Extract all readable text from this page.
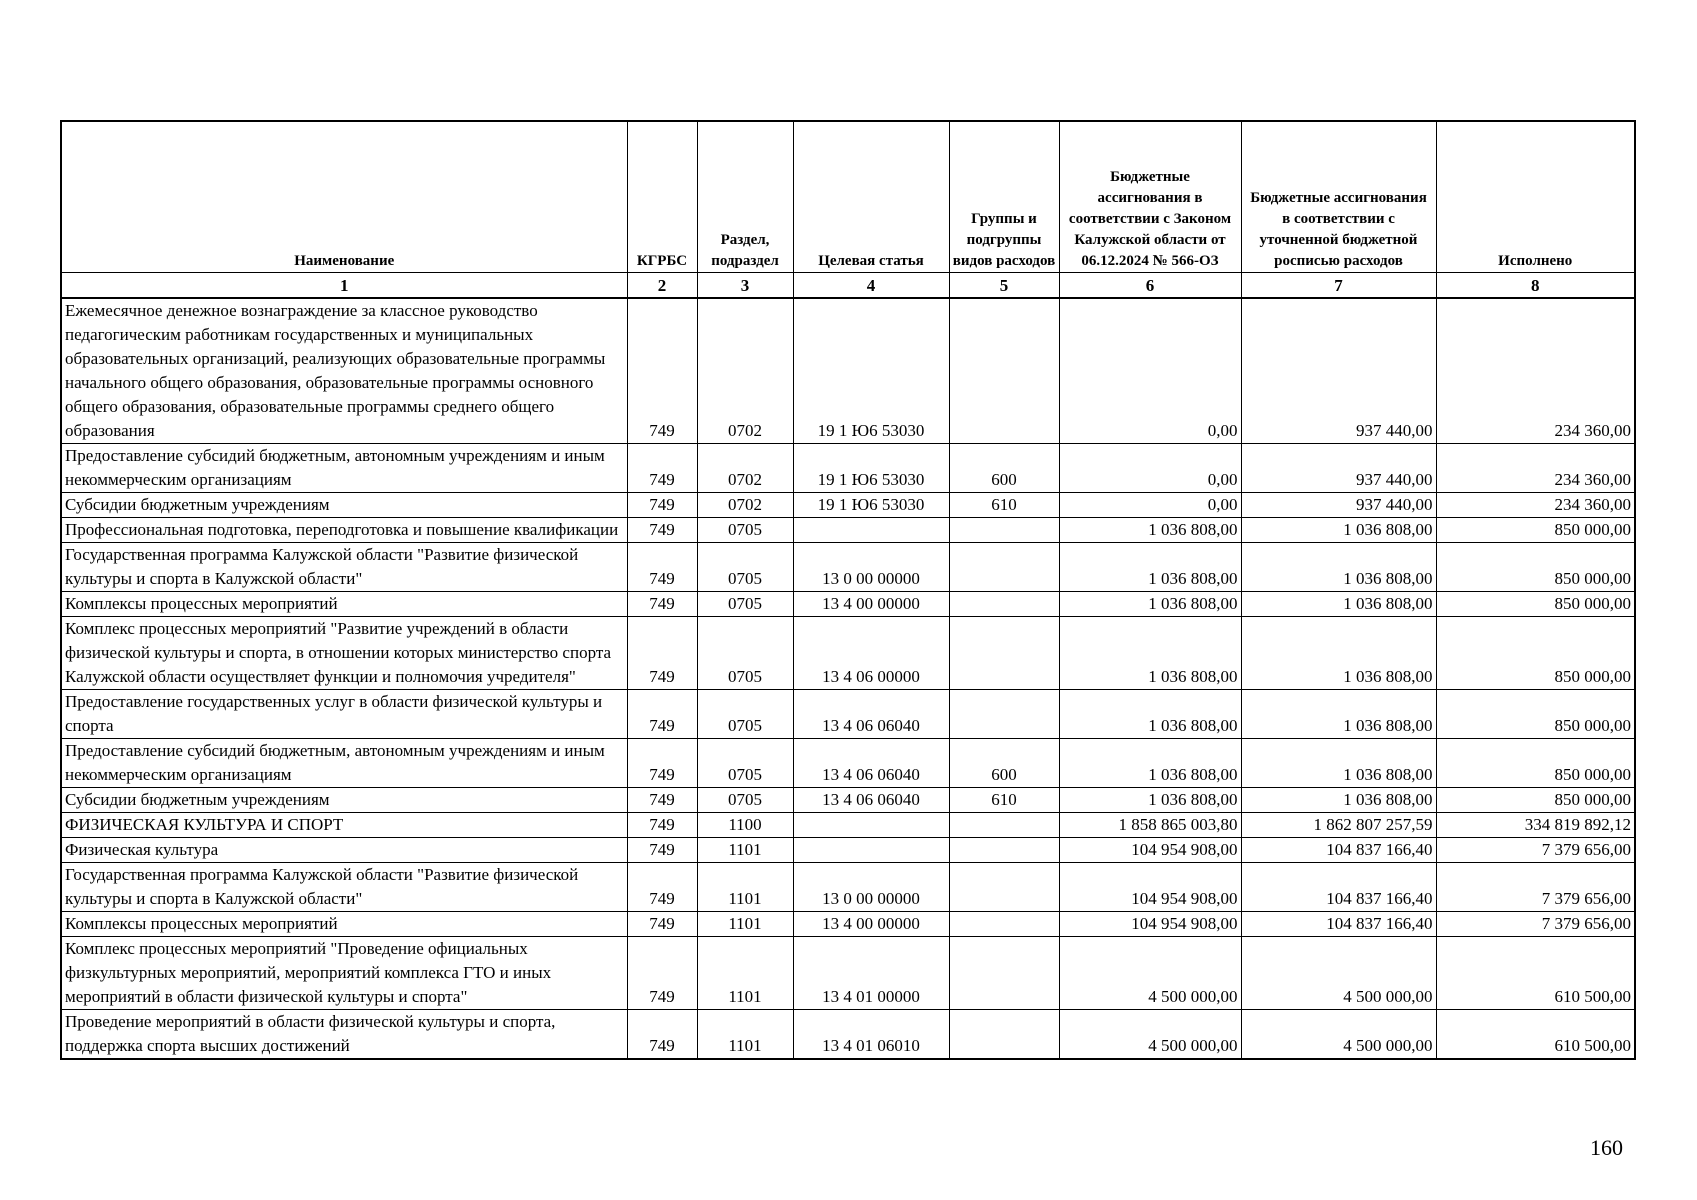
Наименование	КГРБС	Раздел, подраздел	Целевая статья	Группы и подгруппы видов расходов	Бюджетные ассигнования в соответствии с Законом Калужской области от 06.12.2024 № 566-ОЗ	Бюджетные ассигнования в соответствии с уточненной бюджетной росписью расходов	Исполнено
1	2	3	4	5	6	7	8
Ежемесячное денежное вознаграждение за классное руководство педагогическим работникам государственных и муниципальных образовательных организаций, реализующих образовательные программы начального общего образования, образовательные программы основного общего образования, образовательные программы среднего общего образования	749	0702	19 1 Ю6 53030		0,00	937 440,00	234 360,00
Предоставление субсидий бюджетным, автономным учреждениям и иным некоммерческим организациям	749	0702	19 1 Ю6 53030	600	0,00	937 440,00	234 360,00
Субсидии бюджетным учреждениям	749	0702	19 1 Ю6 53030	610	0,00	937 440,00	234 360,00
Профессиональная подготовка, переподготовка и повышение квалификации	749	0705			1 036 808,00	1 036 808,00	850 000,00
Государственная программа Калужской области "Развитие физической культуры и спорта в Калужской области"	749	0705	13 0 00 00000		1 036 808,00	1 036 808,00	850 000,00
Комплексы процессных мероприятий	749	0705	13 4 00 00000		1 036 808,00	1 036 808,00	850 000,00
Комплекс процессных мероприятий "Развитие учреждений в области физической культуры и спорта, в отношении которых министерство спорта Калужской области осуществляет функции и полномочия учредителя"	749	0705	13 4 06 00000		1 036 808,00	1 036 808,00	850 000,00
Предоставление государственных услуг в области физической культуры и спорта	749	0705	13 4 06 06040		1 036 808,00	1 036 808,00	850 000,00
Предоставление субсидий бюджетным, автономным учреждениям и иным некоммерческим организациям	749	0705	13 4 06 06040	600	1 036 808,00	1 036 808,00	850 000,00
Субсидии бюджетным учреждениям	749	0705	13 4 06 06040	610	1 036 808,00	1 036 808,00	850 000,00
ФИЗИЧЕСКАЯ КУЛЬТУРА И СПОРТ	749	1100			1 858 865 003,80	1 862 807 257,59	334 819 892,12
Физическая культура	749	1101			104 954 908,00	104 837 166,40	7 379 656,00
Государственная программа Калужской области "Развитие физической культуры и спорта в Калужской области"	749	1101	13 0 00 00000		104 954 908,00	104 837 166,40	7 379 656,00
Комплексы процессных мероприятий	749	1101	13 4 00 00000		104 954 908,00	104 837 166,40	7 379 656,00
Комплекс процессных мероприятий "Проведение официальных физкультурных мероприятий, мероприятий комплекса ГТО и иных мероприятий в области физической культуры и спорта"	749	1101	13 4 01 00000		4 500 000,00	4 500 000,00	610 500,00
Проведение мероприятий в области физической культуры и спорта, поддержка спорта высших достижений	749	1101	13 4 01 06010		4 500 000,00	4 500 000,00	610 500,00
160
